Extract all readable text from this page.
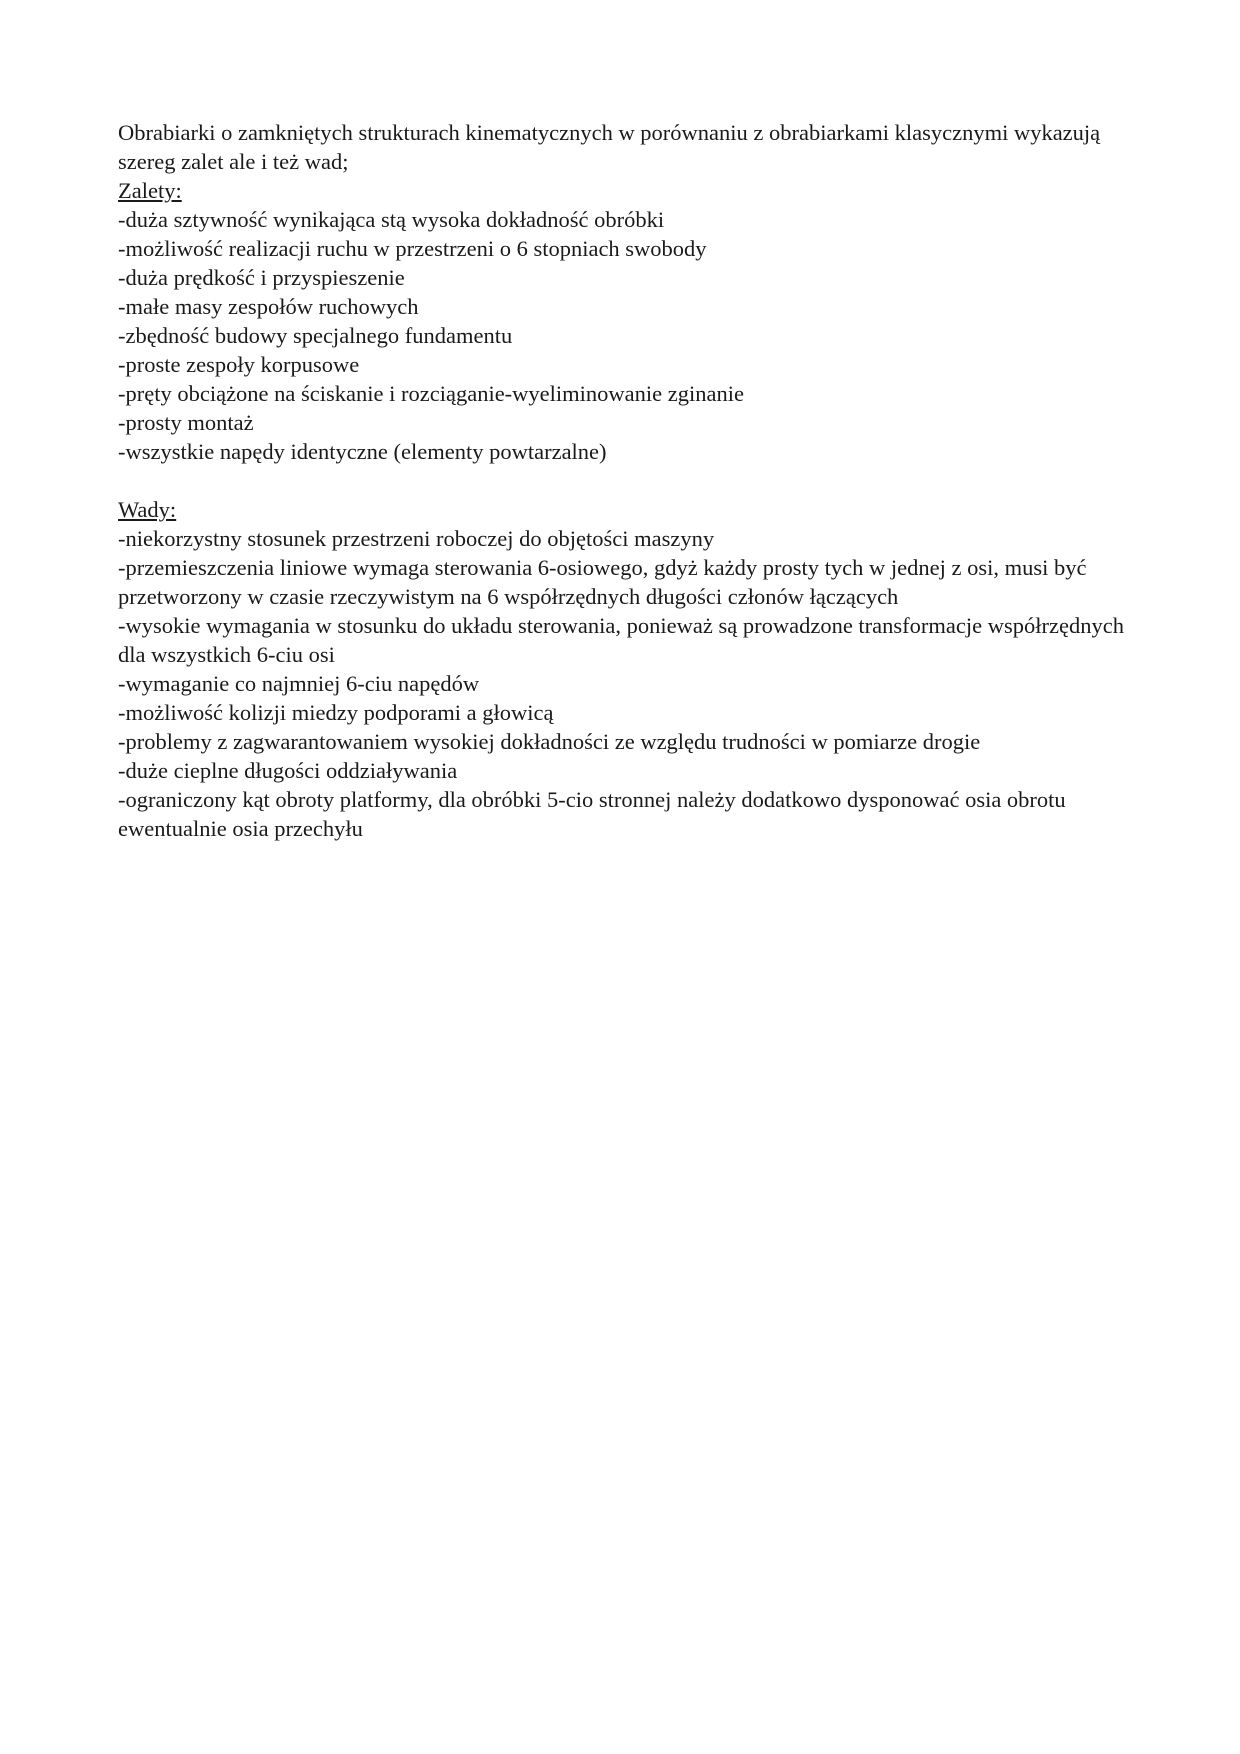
Obrabiarki o zamkniętych strukturach kinematycznych w porównaniu z obrabiarkami klasycznymi wykazują szereg zalet ale i też wad;

Zalety:

-duża sztywność wynikająca stą wysoka dokładność obróbki
-możliwość realizacji ruchu w przestrzeni o 6 stopniach swobody
-duża prędkość i przyspieszenie
-małe masy zespołów ruchowych
-zbędność budowy specjalnego fundamentu
-proste zespoły korpusowe
-pręty obciążone na ściskanie i rozciąganie-wyeliminowanie zginanie
-prosty montaż
-wszystkie napędy identyczne (elementy powtarzalne)

Wady:

-niekorzystny stosunek przestrzeni roboczej do objętości maszyny
-przemieszczenia liniowe wymaga sterowania 6-osiowego, gdyż każdy prosty tych w jednej z osi, musi być przetworzony w czasie rzeczywistym na 6 współrzędnych długości członów łączących
-wysokie wymagania w stosunku do układu sterowania, ponieważ są prowadzone transformacje współrzędnych dla wszystkich 6-ciu osi
-wymaganie co najmniej 6-ciu napędów
-możliwość kolizji miedzy podporami a głowicą
-problemy z zagwarantowaniem wysokiej dokładności ze względu trudności w pomiarze drogie
-duże cieplne długości oddziaływania
-ograniczony kąt obroty platformy, dla obróbki 5-cio stronnej należy dodatkowo dysponować osia obrotu ewentualnie osia przechyłu
